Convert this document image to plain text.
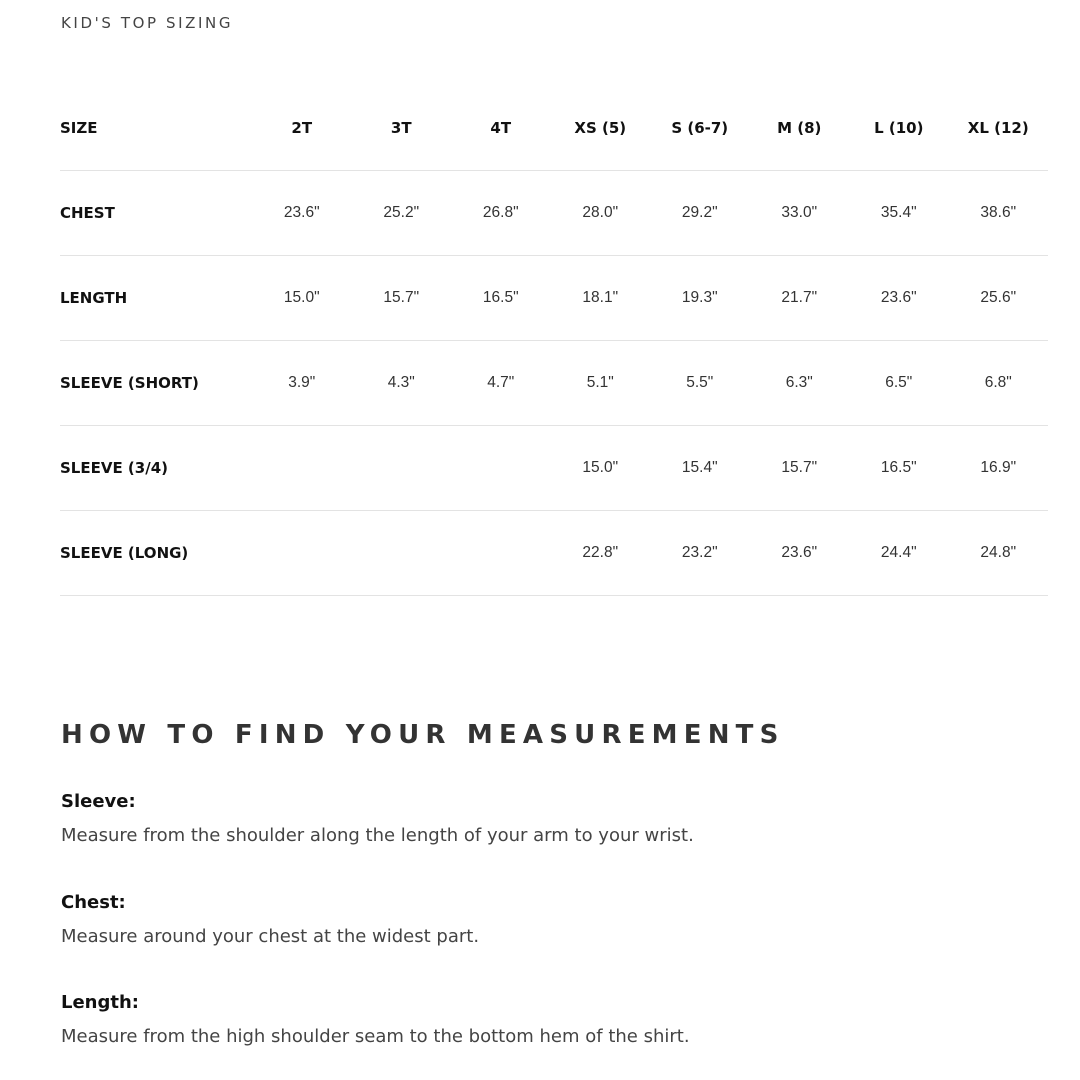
KID'S TOP SIZING
SIZE	2T	3T	4T	XS (5)	S (6-7)	M (8)	L (10)	XL (12)
CHEST	23.6"	25.2"	26.8"	28.0"	29.2"	33.0"	35.4"	38.6"
LENGTH	15.0"	15.7"	16.5"	18.1"	19.3"	21.7"	23.6"	25.6"
SLEEVE (SHORT)	3.9"	4.3"	4.7"	5.1"	5.5"	6.3"	6.5"	6.8"
SLEEVE (3/4)				15.0"	15.4"	15.7"	16.5"	16.9"
SLEEVE (LONG)				22.8"	23.2"	23.6"	24.4"	24.8"
HOW TO FIND YOUR MEASUREMENTS
Sleeve:
Measure from the shoulder along the length of your arm to your wrist.
Chest:
Measure around your chest at the widest part.
Length:
Measure from the high shoulder seam to the bottom hem of the shirt.
